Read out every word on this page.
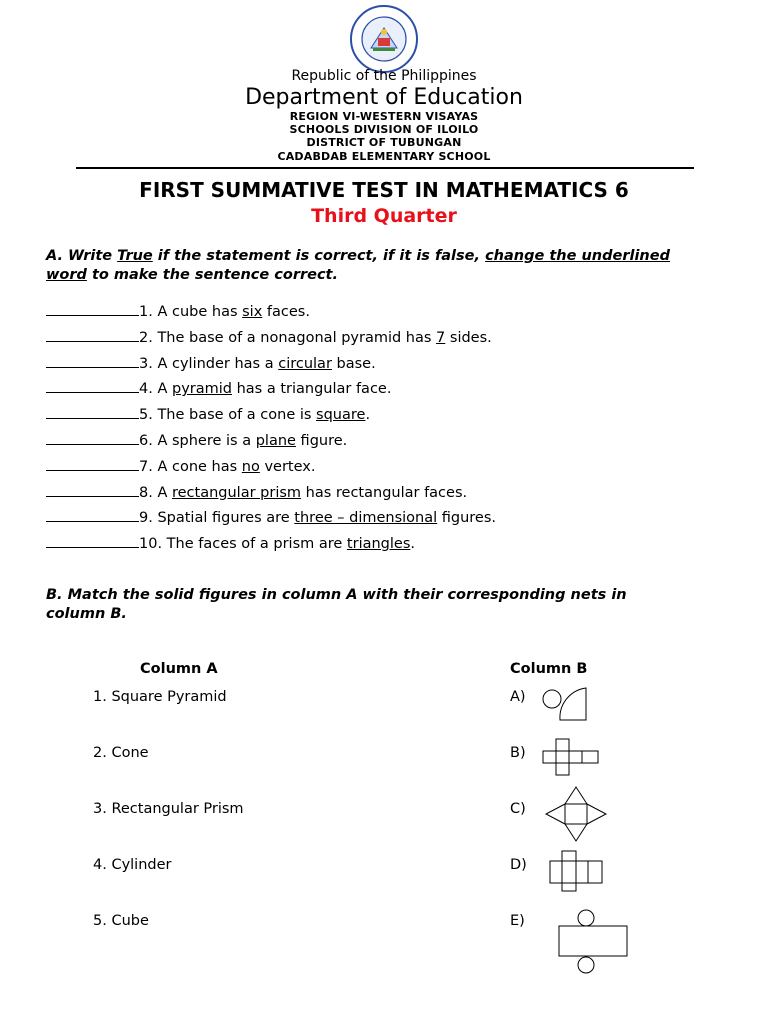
Republic of the Philippines
Department of Education
REGION VI-WESTERN VISAYAS
SCHOOLS DIVISION OF ILOILO
DISTRICT OF TUBUNGAN
CADABDAB ELEMENTARY SCHOOL
FIRST SUMMATIVE TEST IN MATHEMATICS 6
Third Quarter
A. Write True if the statement is correct, if it is false, change the underlined
word to make the sentence correct.
1. A cube has six faces.
2. The base of a nonagonal pyramid has 7 sides.
3. A cylinder has a circular base.
4. A pyramid has a triangular face.
5. The base of a cone is square.
6. A sphere is a plane figure.
7. A cone has no vertex.
8. A rectangular prism has rectangular faces.
9. Spatial figures are three – dimensional figures.
10. The faces of a prism are triangles.
B. Match the solid figures in column A with their corresponding nets in
column B.
Column A	Column B
1. Square Pyramid
2. Cone
3. Rectangular Prism
4. Cylinder
5. Cube
A)
B)
C)
D)
E)
